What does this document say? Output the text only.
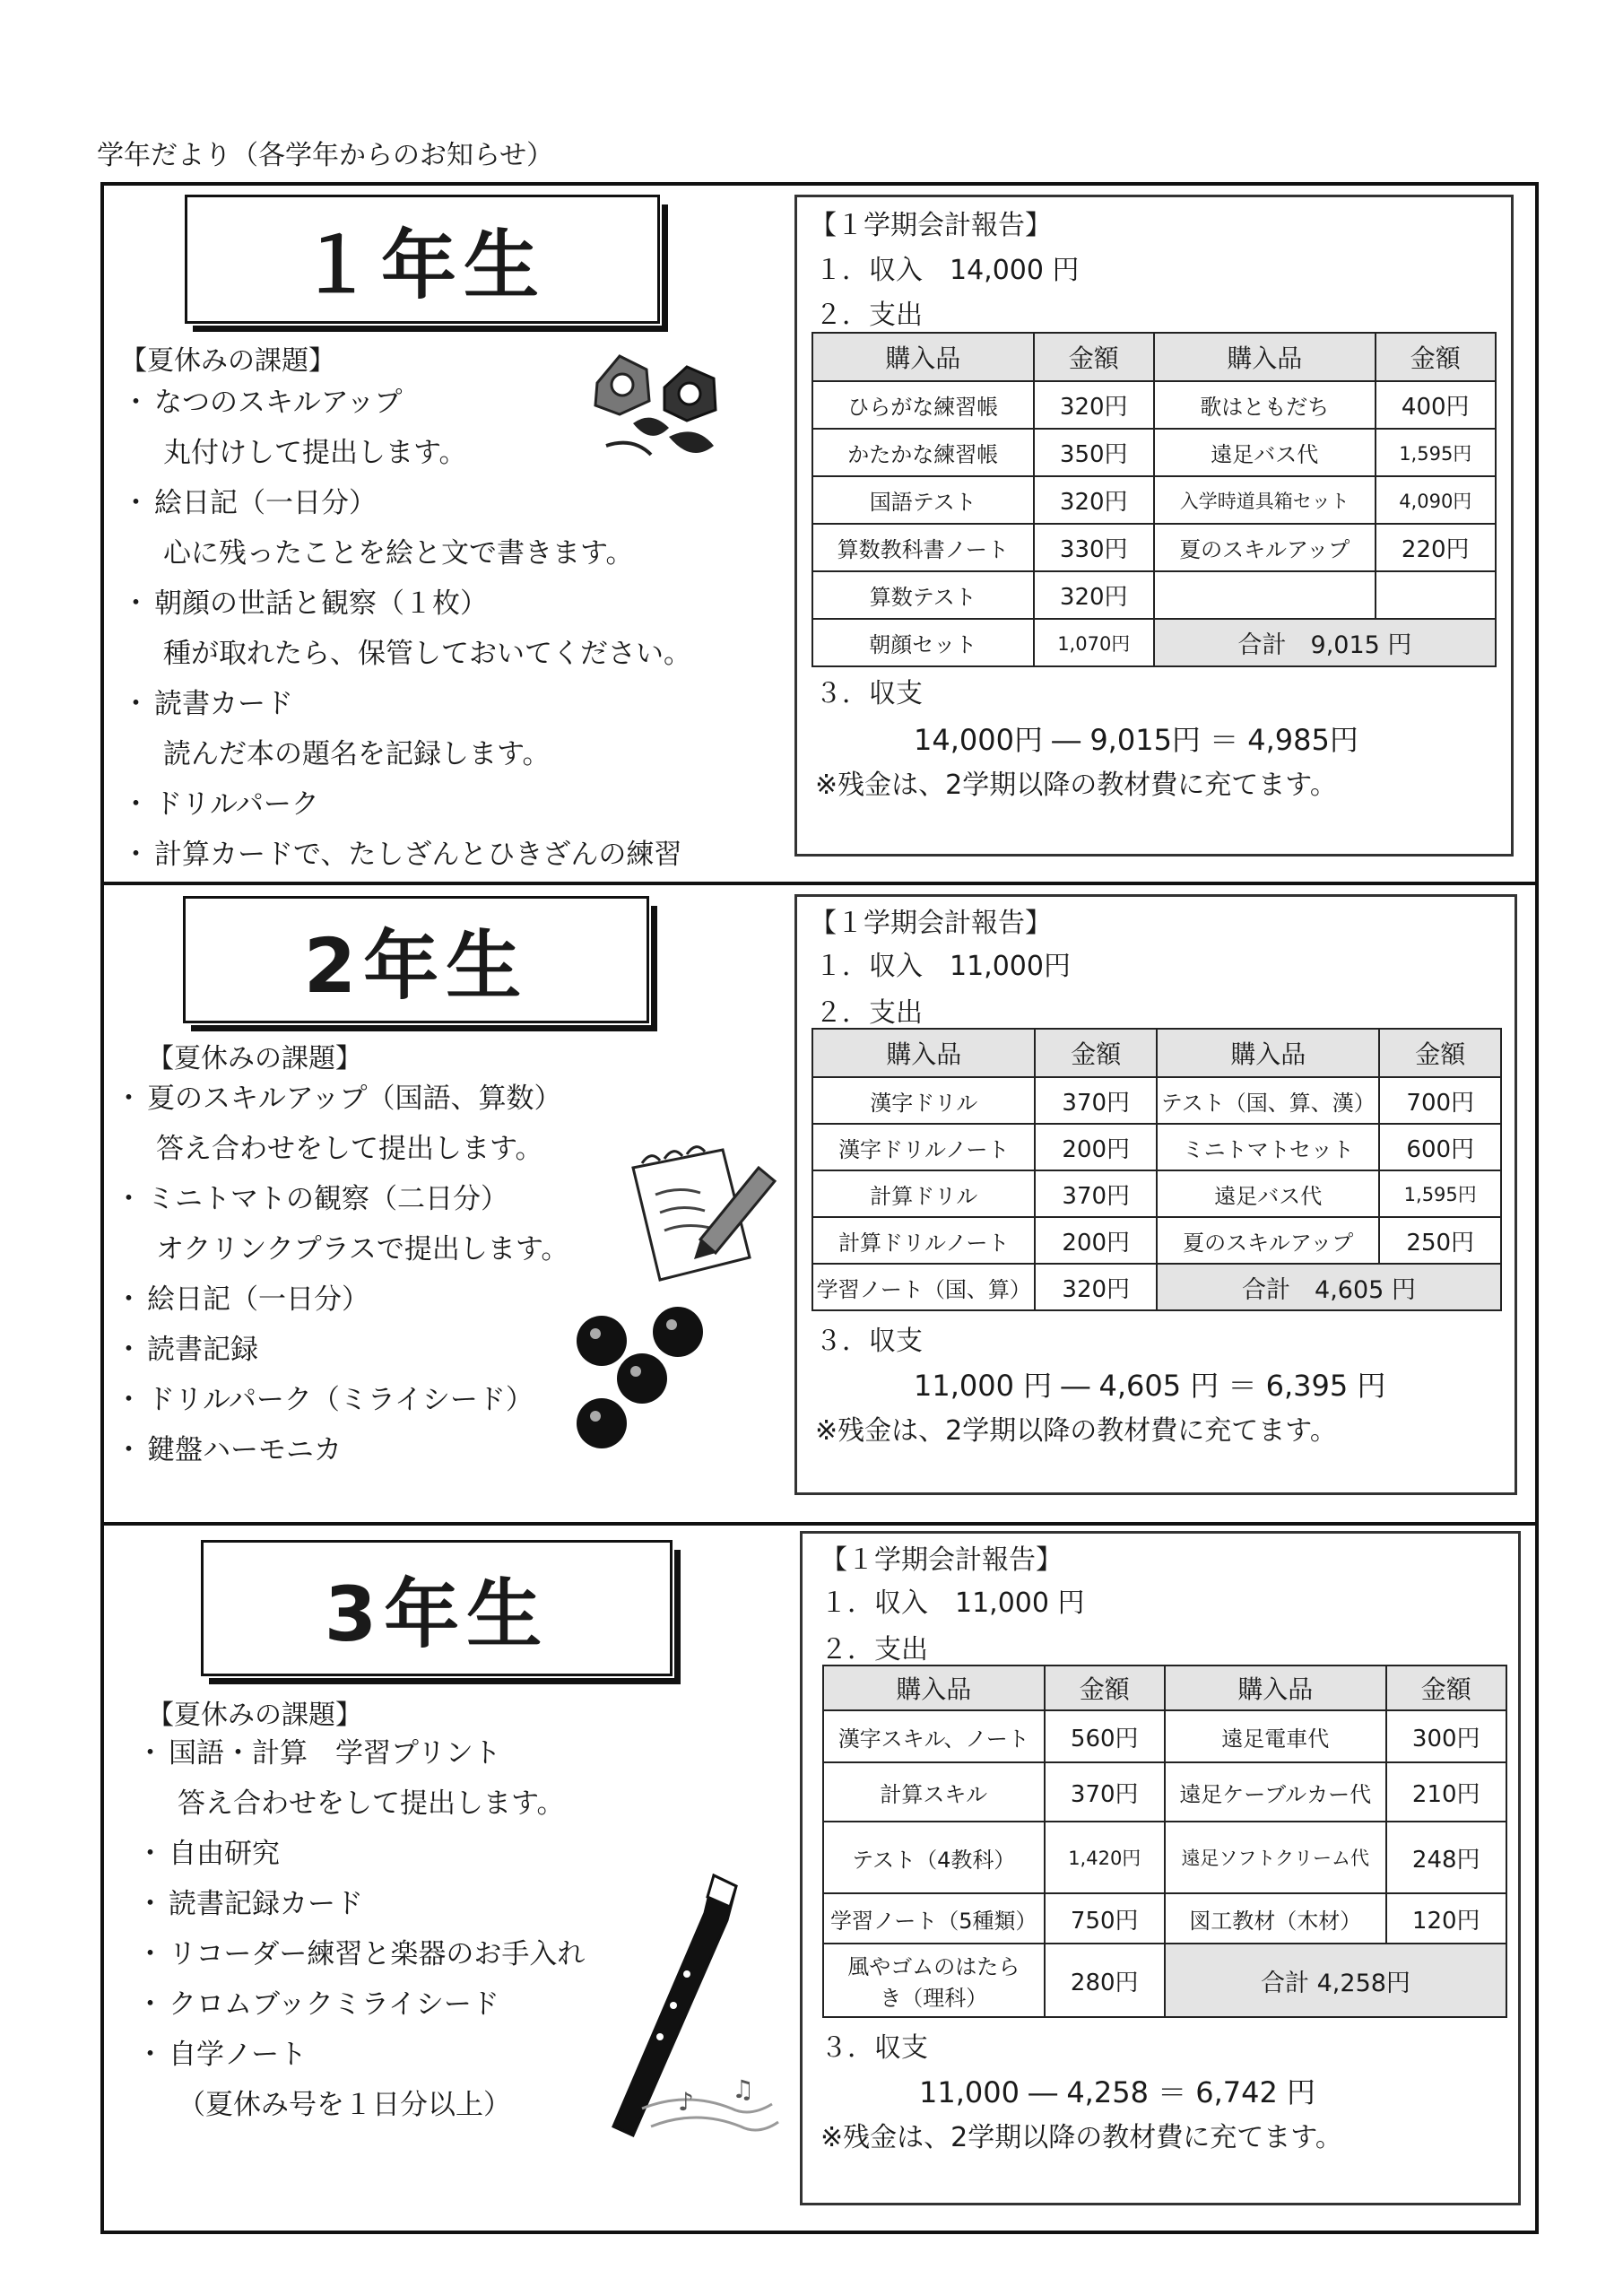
学年だより（各学年からのお知らせ）
１年生
【夏休みの課題】
・ なつのスキルアップ
丸付けして提出します。
・ 絵日記（一日分）
心に残ったことを絵と文で書きます。
・ 朝顔の世話と観察（１枚）
種が取れたら、保管しておいてください。
・ 読書カード
読んだ本の題名を記録します。
・ ドリルパーク
・ 計算カードで、たしざんとひきざんの練習
【１学期会計報告】
１．収入　14,000 円
２．支出
購入品	金額	購入品	金額
ひらがな練習帳	320円	歌はともだち	400円
かたかな練習帳	350円	遠足バス代	1,595円
国語テスト	320円	入学時道具箱セット	4,090円
算数教科書ノート	330円	夏のスキルアップ	220円
算数テスト	320円		
朝顔セット	1,070円	合計　9,015 円	
３．収支
14,000円 ― 9,015円 ＝ 4,985円
※残金は、2学期以降の教材費に充てます。
2年生
【夏休みの課題】
・ 夏のスキルアップ（国語、算数）
答え合わせをして提出します。
・ ミニトマトの観察（二日分）
オクリンクプラスで提出します。
・ 絵日記（一日分）
・ 読書記録
・ ドリルパーク（ミライシード）
・ 鍵盤ハーモニカ
【１学期会計報告】
１．収入　11,000円
２．支出
購入品	金額	購入品	金額
漢字ドリル	370円	テスト（国、算、漢）	700円
漢字ドリルノート	200円	ミニトマトセット	600円
計算ドリル	370円	遠足バス代	1,595円
計算ドリルノート	200円	夏のスキルアップ	250円
学習ノート（国、算）	320円	合計　4,605 円	
３．収支
11,000 円 ― 4,605 円 ＝ 6,395 円
※残金は、2学期以降の教材費に充てます。
3年生
【夏休みの課題】
・ 国語・計算　学習プリント
答え合わせをして提出します。
・ 自由研究
・ 読書記録カード
・ リコーダー練習と楽器のお手入れ
・ クロムブックミライシード
・ 自学ノート
（夏休み号を１日分以上）	♪ ♫
【１学期会計報告】
１．収入　11,000 円
２．支出
購入品	金額	購入品	金額
漢字スキル、ノート	560円	遠足電車代	300円
計算スキル	370円	遠足ケーブルカー代	210円
テスト（4教科）	1,420円	遠足ソフトクリーム代	248円
学習ノート（5種類）	750円	図工教材（木材）	120円
風やゴムのはたらき（理科）	280円	合計 4,258円	
３．収支
11,000 ― 4,258 ＝ 6,742 円
※残金は、2学期以降の教材費に充てます。
